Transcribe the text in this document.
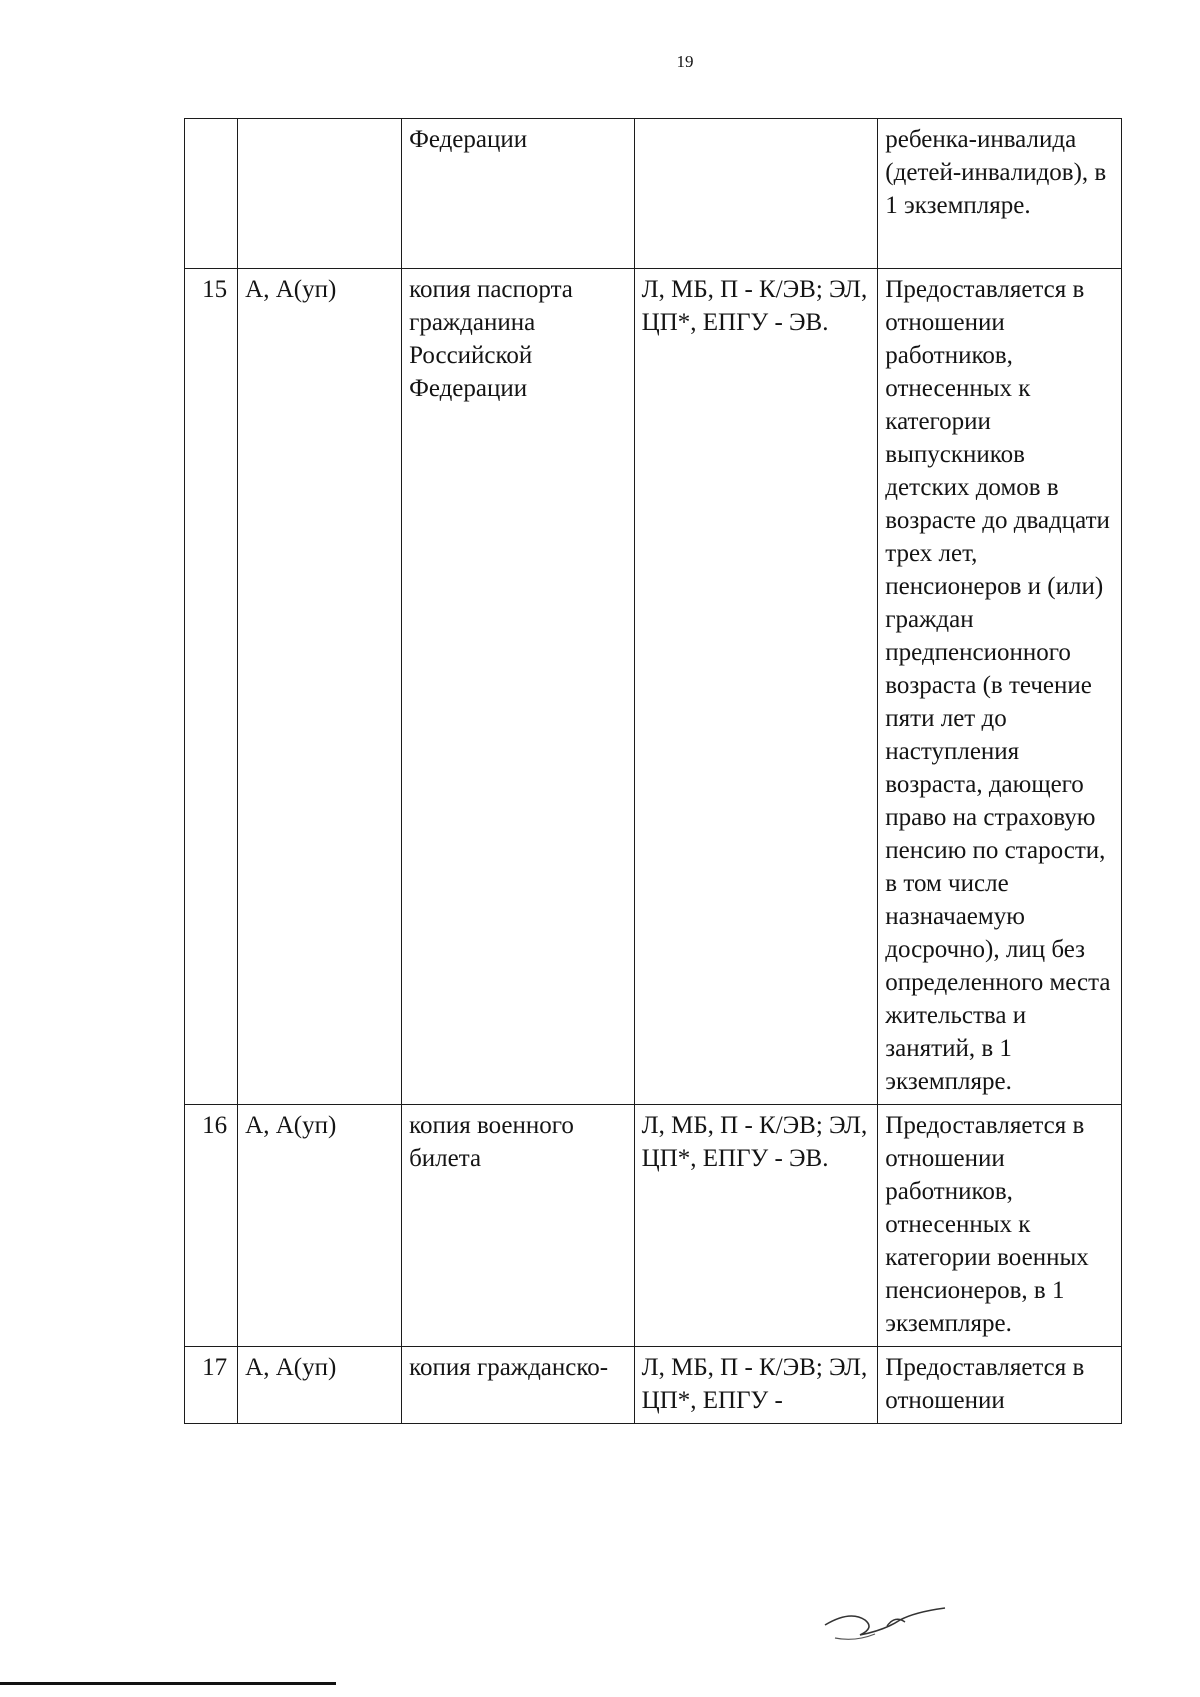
19
		Федерации		ребенка-инвалида (детей-инвалидов), в 1 экземпляре.
15	А, А(уп)	копия паспорта гражданина Российской Федерации	Л, МБ, П - К/ЭВ; ЭЛ, ЦП*, ЕПГУ - ЭВ.	Предоставляется в отношении работников, отнесенных к категории выпускников детских домов в возрасте до двадцати трех лет, пенсионеров и (или) граждан предпенсионного возраста (в течение пяти лет до наступления возраста, дающего право на страховую пенсию по старости, в том числе назначаемую досрочно), лиц без определенного места жительства и занятий, в 1 экземпляре.
16	А, А(уп)	копия военного билета	Л, МБ, П - К/ЭВ; ЭЛ, ЦП*, ЕПГУ - ЭВ.	Предоставляется в отношении работников, отнесенных к категории военных пенсионеров, в 1 экземпляре.
17	А, А(уп)	копия гражданско-	Л, МБ, П - К/ЭВ; ЭЛ, ЦП*, ЕПГУ -	Предоставляется в отношении
